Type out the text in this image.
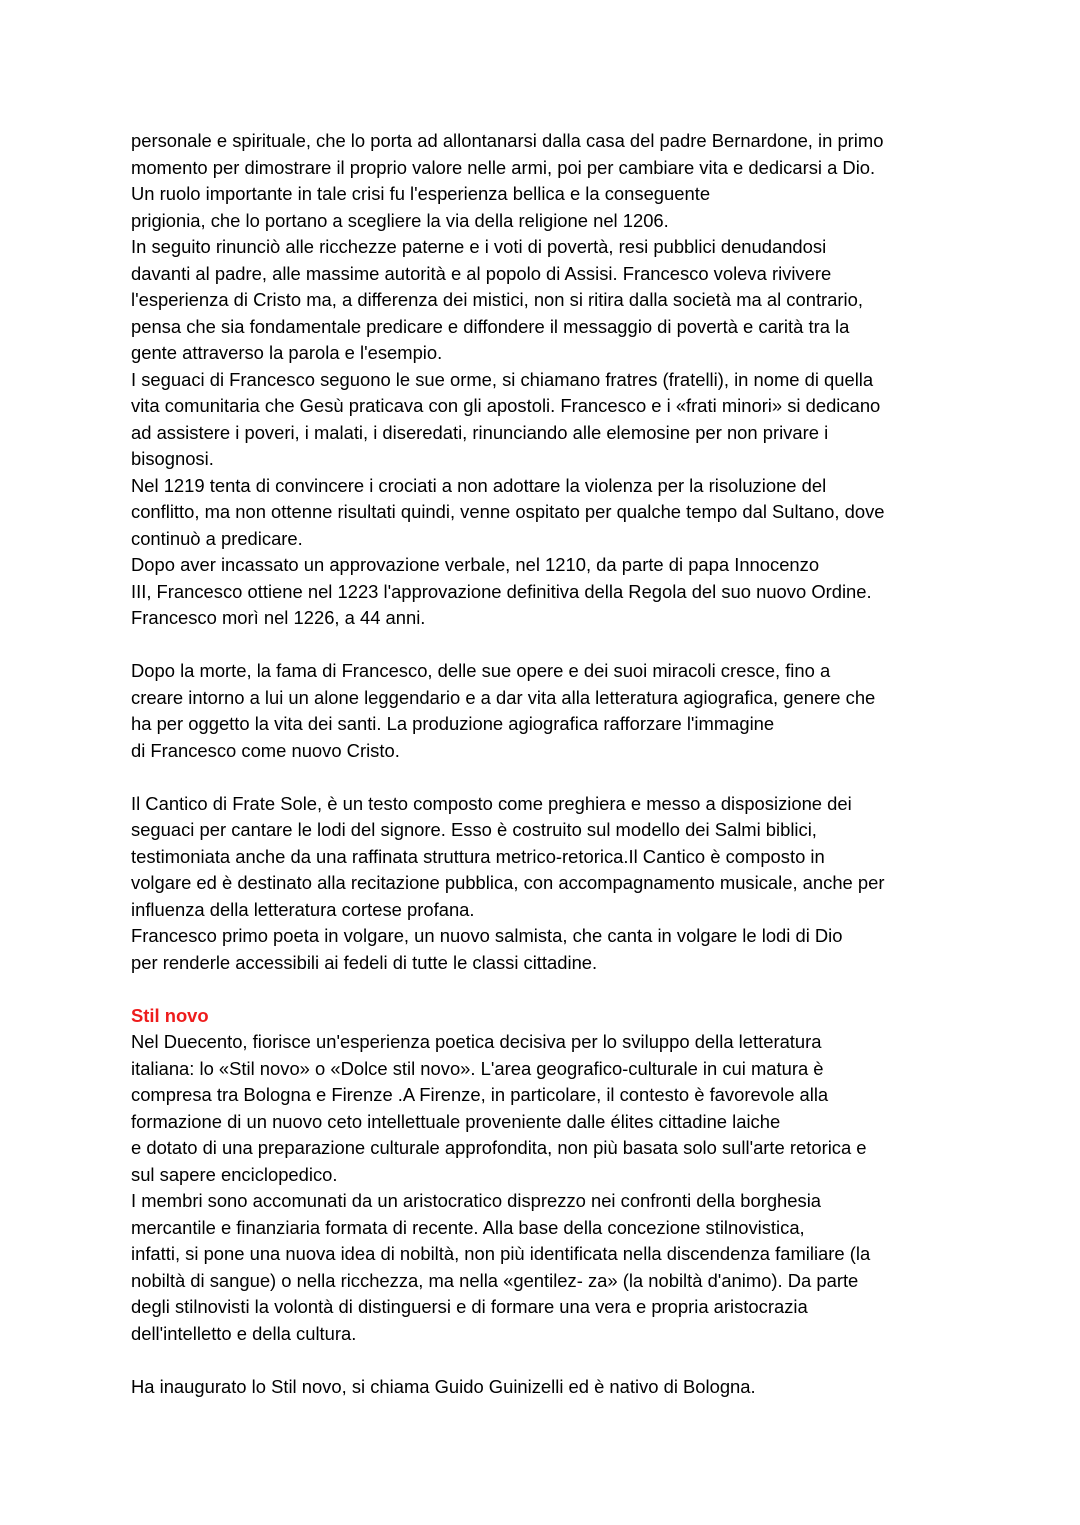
personale e spirituale, che lo porta ad allontanarsi dalla casa del padre Bernardone, in primo
momento per dimostrare il proprio valore nelle armi, poi per cambiare vita e dedicarsi a Dio.
Un ruolo importante in tale crisi fu l'esperienza bellica e la conseguente
prigionia, che lo portano a scegliere la via della religione nel 1206.
In seguito rinunciò alle ricchezze paterne e i voti di povertà, resi pubblici denudandosi
davanti al padre, alle massime autorità e al popolo di Assisi. Francesco voleva rivivere
l'esperienza di Cristo ma, a differenza dei mistici, non si ritira dalla società ma al contrario,
pensa che sia fondamentale predicare e diffondere il messaggio di povertà e carità tra la
gente attraverso la parola e l'esempio.
I seguaci di Francesco seguono le sue orme, si chiamano fratres (fratelli), in nome di quella
vita comunitaria che Gesù praticava con gli apostoli. Francesco e i «frati minori» si dedicano
ad assistere i poveri, i malati, i diseredati, rinunciando alle elemosine per non privare i
bisognosi.
Nel 1219 tenta di convincere i crociati a non adottare la violenza per la risoluzione del
conflitto, ma non ottenne risultati quindi, venne ospitato per qualche tempo dal Sultano, dove
continuò a predicare.
Dopo aver incassato un approvazione verbale, nel 1210, da parte di papa Innocenzo
III, Francesco ottiene nel 1223 l'approvazione definitiva della Regola del suo nuovo Ordine.
Francesco morì nel 1226, a 44 anni.
Dopo la morte, la fama di Francesco, delle sue opere e dei suoi miracoli cresce, fino a
creare intorno a lui un alone leggendario e a dar vita alla letteratura agiografica, genere che
ha per oggetto la vita dei santi. La produzione agiografica rafforzare l'immagine
di Francesco come nuovo Cristo.
Il Cantico di Frate Sole, è un testo composto come preghiera e messo a disposizione dei
seguaci per cantare le lodi del signore. Esso è costruito sul modello dei Salmi biblici,
testimoniata anche da una raffinata struttura metrico-retorica.Il Cantico è composto in
volgare ed è destinato alla recitazione pubblica, con accompagnamento musicale, anche per
influenza della letteratura cortese profana.
Francesco primo poeta in volgare, un nuovo salmista, che canta in volgare le lodi di Dio
per renderle accessibili ai fedeli di tutte le classi cittadine.
Stil novo
Nel Duecento, fiorisce un'esperienza poetica decisiva per lo sviluppo della letteratura
italiana: lo «Stil novo» o «Dolce stil novo». L'area geografico-culturale in cui matura è
compresa tra Bologna e Firenze .A Firenze, in particolare, il contesto è favorevole alla
formazione di un nuovo ceto intellettuale proveniente dalle élites cittadine laiche
e dotato di una preparazione culturale approfondita, non più basata solo sull'arte retorica e
sul sapere enciclopedico.
I membri sono accomunati da un aristocratico disprezzo nei confronti della borghesia
mercantile e finanziaria formata di recente. Alla base della concezione stilnovistica,
infatti, si pone una nuova idea di nobiltà, non più identificata nella discendenza familiare (la
nobiltà di sangue) o nella ricchezza, ma nella «gentilez- za» (la nobiltà d'animo). Da parte
degli stilnovisti la volontà di distinguersi e di formare una vera e propria aristocrazia
dell'intelletto e della cultura.
Ha inaugurato lo Stil novo, si chiama Guido Guinizelli ed è nativo di Bologna.
